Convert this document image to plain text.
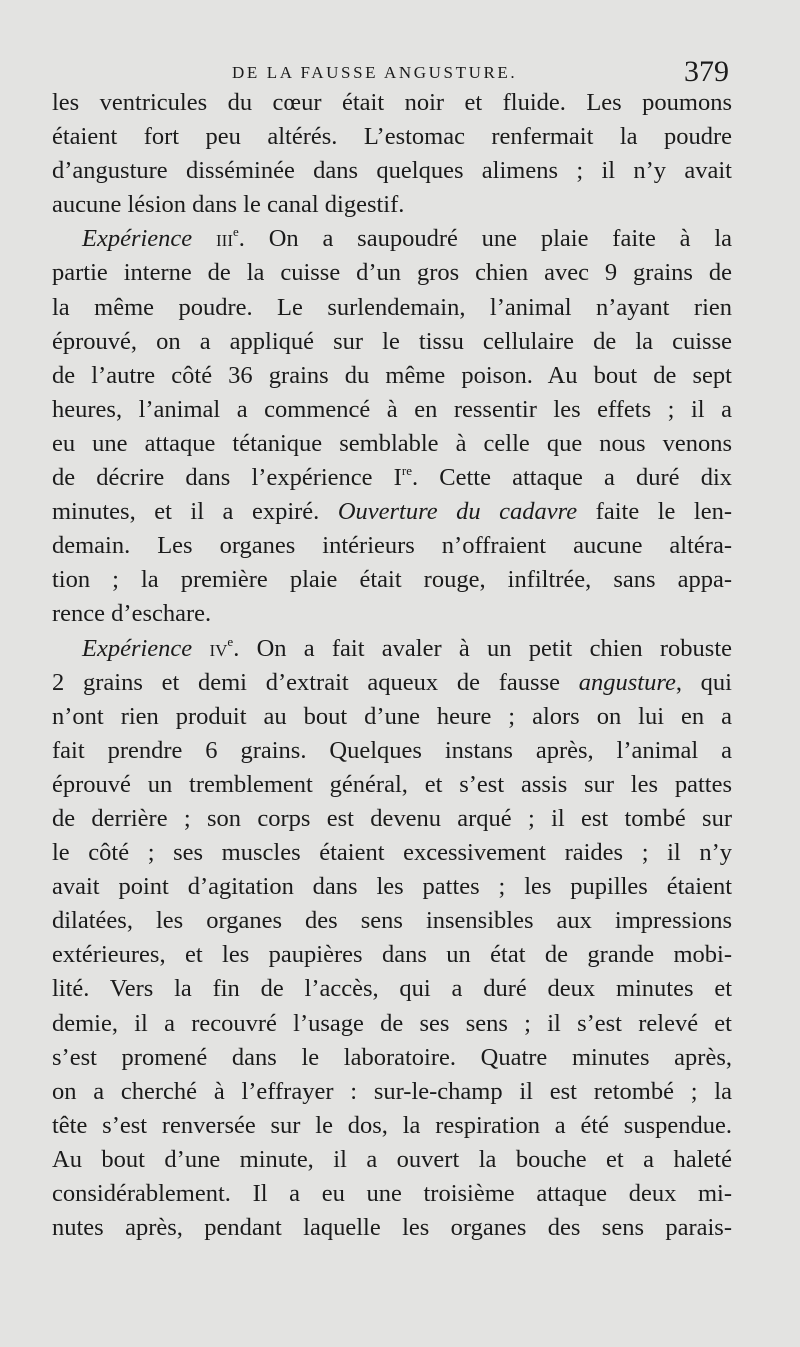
DE LA FAUSSE ANGUSTURE.	379
les ventricules du cœur était noir et fluide. Les poumons
étaient fort peu altérés. L’estomac renfermait la poudre
d’angusture disséminée dans quelques alimens ; il n’y avait
aucune lésion dans le canal digestif.
Expérience iii$^e$. On a saupoudré une plaie faite à la
partie interne de la cuisse d’un gros chien avec 9 grains de
la même poudre. Le surlendemain, l’animal n’ayant rien
éprouvé, on a appliqué sur le tissu cellulaire de la cuisse
de l’autre côté 36 grains du même poison. Au bout de sept
heures, l’animal a commencé à en ressentir les effets ; il a
eu une attaque tétanique semblable à celle que nous venons
de décrire dans l’expérience Ire. Cette attaque a duré dix
minutes, et il a expiré. Ouverture du cadavre faite le len-
demain. Les organes intérieurs n’offraient aucune altéra-
tion ; la première plaie était rouge, infiltrée, sans appa-
rence d’eschare.
Expérience $iv^e$. On a fait avaler à un petit chien robuste
2 grains et demi d’extrait aqueux de fausse angusture, qui
n’ont rien produit au bout d’une heure ; alors on lui en a
fait prendre 6 grains. Quelques instans après, l’animal a
éprouvé un tremblement général, et s’est assis sur les pattes
de derrière ; son corps est devenu arqué ; il est tombé sur
le côté ; ses muscles étaient excessivement raides ; il n’y
avait point d’agitation dans les pattes ; les pupilles étaient
dilatées, les organes des sens insensibles aux impressions
extérieures, et les paupières dans un état de grande mobi-
lité. Vers la fin de l’accès, qui a duré deux minutes et
demie, il a recouvré l’usage de ses sens ; il s’est relevé et
s’est promené dans le laboratoire. Quatre minutes après,
on a cherché à l’effrayer : sur-le-champ il est retombé ; la
tête s’est renversée sur le dos, la respiration a été suspendue.
Au bout d’une minute, il a ouvert la bouche et a haleté
considérablement. Il a eu une troisième attaque deux mi-
nutes après, pendant laquelle les organes des sens parais-
